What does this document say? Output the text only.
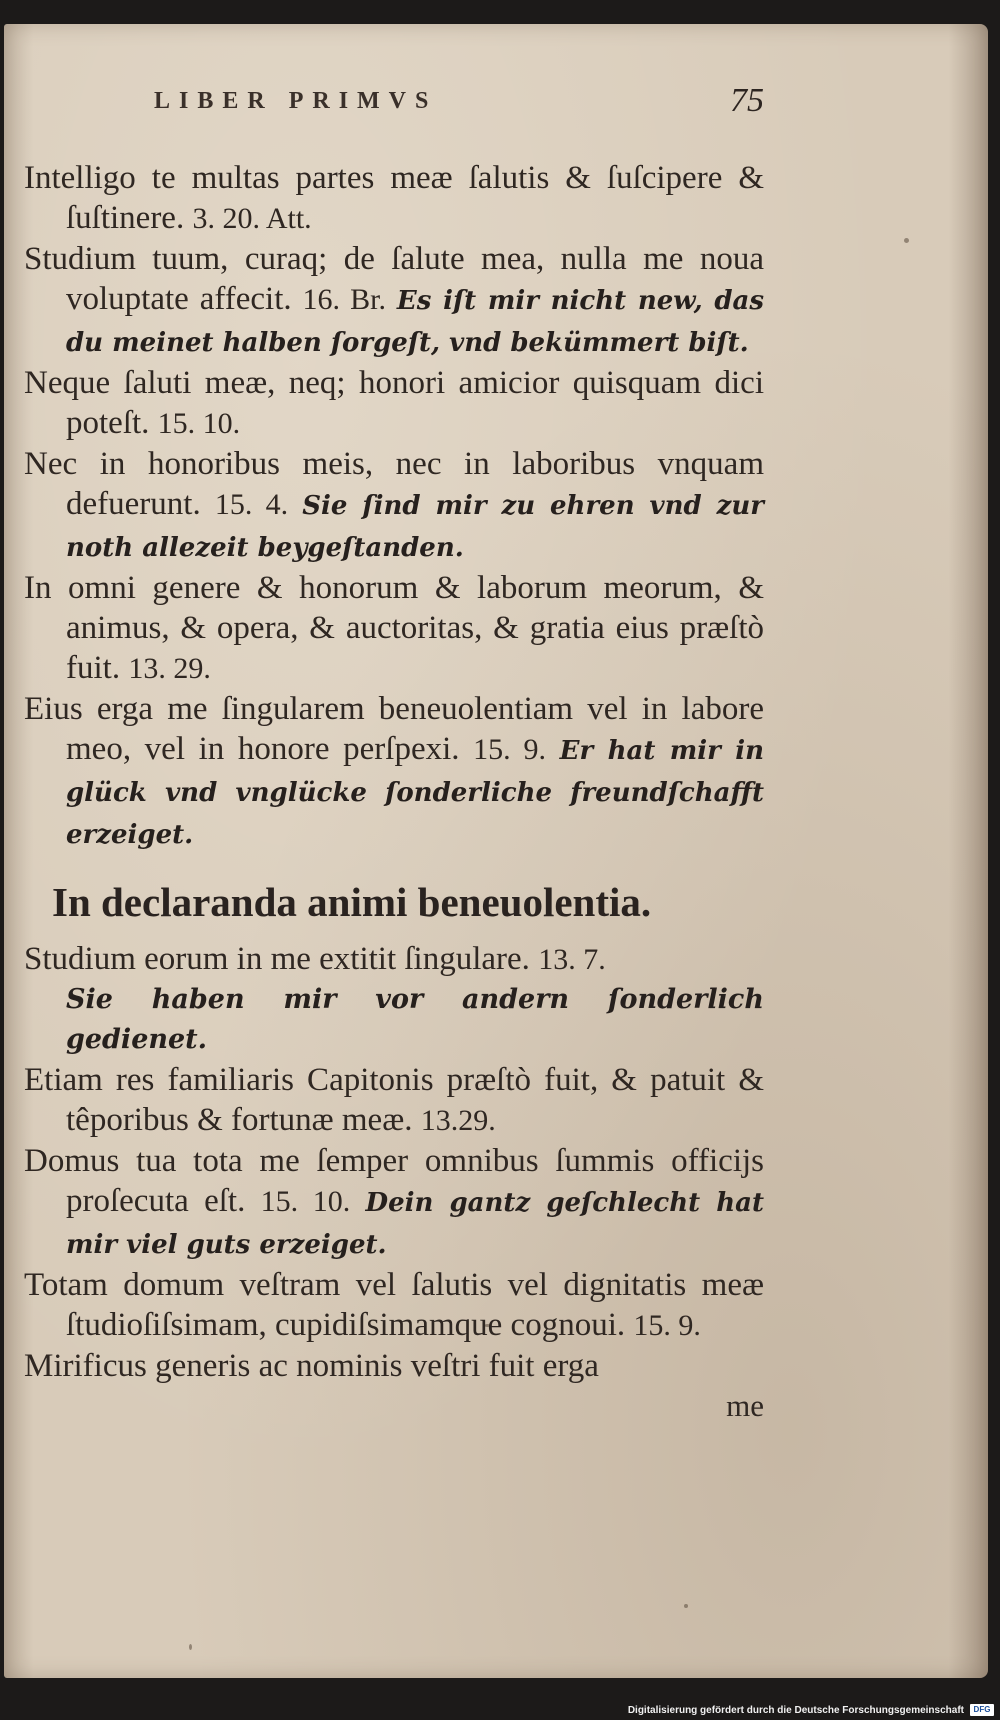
LIBER PRIMVS	75

Intelligo te multas partes meæ ſalutis & ſuſcipere & ſuſtinere. 3. 20. Att.

Studium tuum, curaq; de ſalute mea, nulla me noua voluptate affecit. 16. Br. Es iſt mir nicht new, das du meinet halben ſorgeſt, vnd bekümmert biſt.

Neque ſaluti meæ, neq; honori amicior quisquam dici poteſt. 15. 10.

Nec in honoribus meis, nec in laboribus vnquam defuerunt. 15. 4. Sie ſind mir zu ehren vnd zur noth allezeit beygeſtanden.

In omni genere & honorum & laborum meorum, & animus, & opera, & auctoritas, & gratia eius præſtò fuit. 13. 29.

Eius erga me ſingularem beneuolentiam vel in labore meo, vel in honore perſpexi. 15. 9. Er hat mir in glück vnd vnglücke ſonderliche freundſchafft erzeiget.

In declaranda animi beneuolentia.

Studium eorum in me extitit ſingulare. 13. 7.
Sie haben mir vor andern ſonderlich gedienet.

Etiam res familiaris Capitonis præſtò fuit, & patuit & têporibus & fortunæ meæ. 13.29.

Domus tua tota me ſemper omnibus ſummis officijs proſecuta eſt. 15. 10. Dein gantz geſchlecht hat mir viel guts erzeiget.

Totam domum veſtram vel ſalutis vel dignitatis meæ ſtudioſiſsimam, cupidiſsimamque cognoui. 15. 9.

Mirificus generis ac nominis veſtri fuit erga

me
Digitalisierung gefördert durch die Deutsche Forschungsgemeinschaft DFG
